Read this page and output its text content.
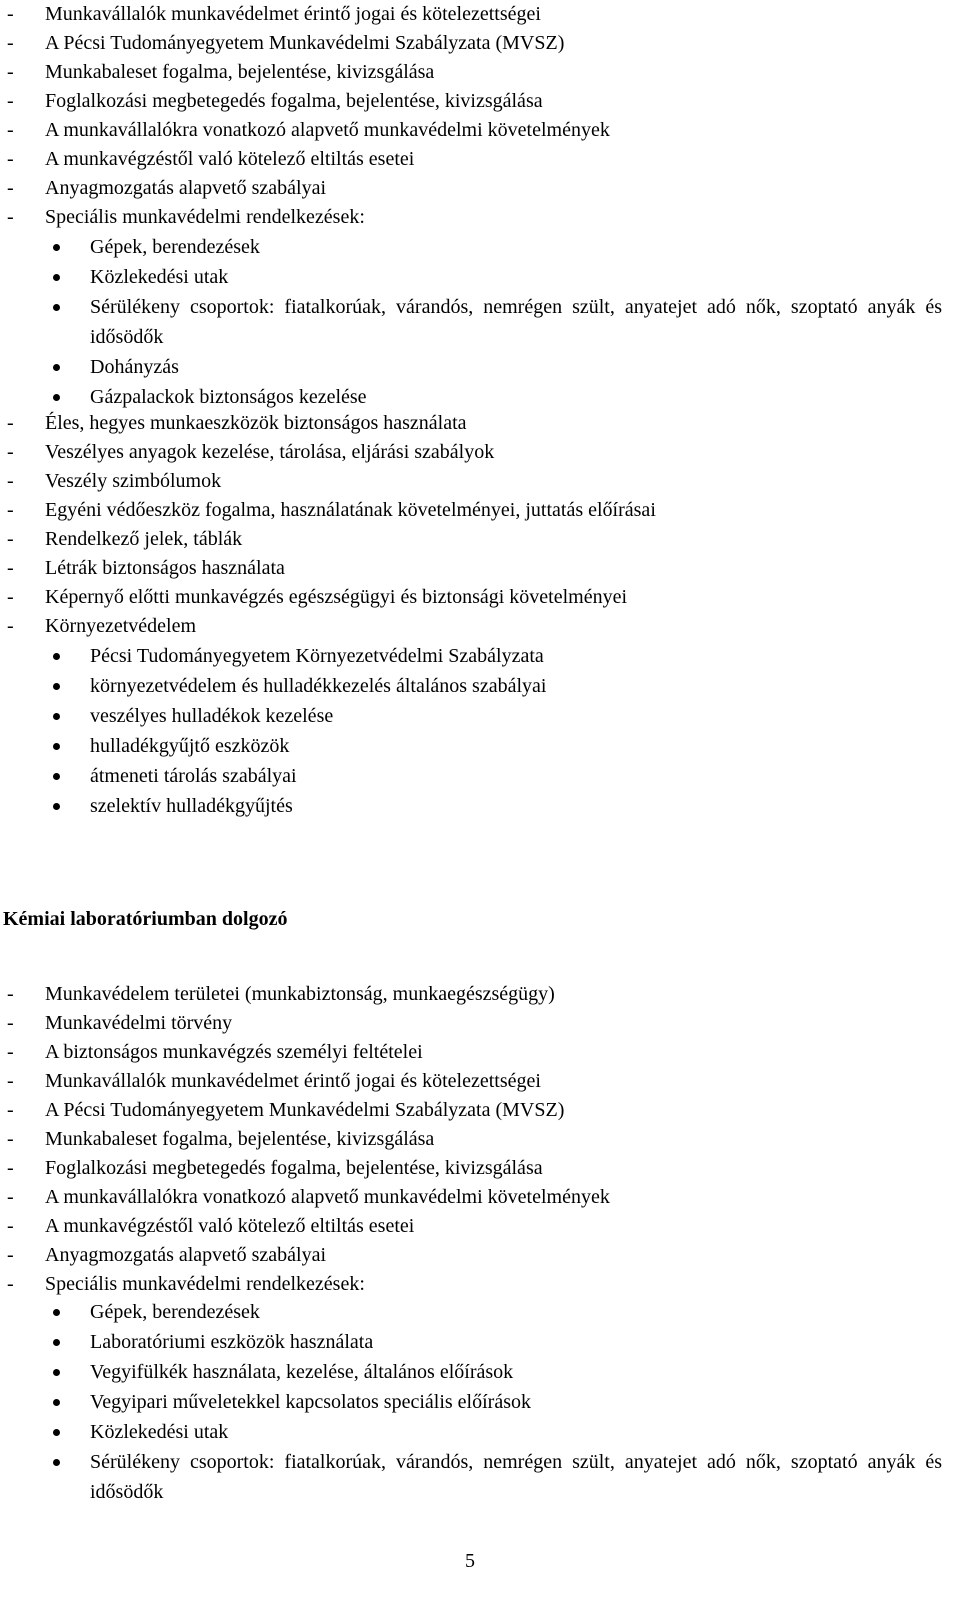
- Munkavállalók munkavédelmet érintő jogai és kötelezettségei
- A Pécsi Tudományegyetem Munkavédelmi Szabályzata (MVSZ)
- Munkabaleset fogalma, bejelentése, kivizsgálása
- Foglalkozási megbetegedés fogalma, bejelentése, kivizsgálása
- A munkavállalókra vonatkozó alapvető munkavédelmi követelmények
- A munkavégzéstől való kötelező eltiltás esetei
- Anyagmozgatás alapvető szabályai
- Speciális munkavédelmi rendelkezések:
Gépek, berendezések
Közlekedési utak
Sérülékeny csoportok: fiatalkorúak, várandós, nemrégen szült, anyatejet adó nők, szoptató anyák és idősödők
Dohányzás
Gázpalackok biztonságos kezelése
- Éles, hegyes munkaeszközök biztonságos használata
- Veszélyes anyagok kezelése, tárolása, eljárási szabályok
- Veszély szimbólumok
- Egyéni védőeszköz fogalma, használatának követelményei, juttatás előírásai
- Rendelkező jelek, táblák
- Létrák biztonságos használata
- Képernyő előtti munkavégzés egészségügyi és biztonsági követelményei
- Környezetvédelem
Pécsi Tudományegyetem Környezetvédelmi Szabályzata
környezetvédelem és hulladékkezelés általános szabályai
veszélyes hulladékok kezelése
hulladékgyűjtő eszközök
átmeneti tárolás szabályai
szelektív hulladékgyűjtés
Kémiai laboratóriumban dolgozó
- Munkavédelem területei (munkabiztonság, munkaegészségügy)
- Munkavédelmi törvény
- A biztonságos munkavégzés személyi feltételei
- Munkavállalók munkavédelmet érintő jogai és kötelezettségei
- A Pécsi Tudományegyetem Munkavédelmi Szabályzata (MVSZ)
- Munkabaleset fogalma, bejelentése, kivizsgálása
- Foglalkozási megbetegedés fogalma, bejelentése, kivizsgálása
- A munkavállalókra vonatkozó alapvető munkavédelmi követelmények
- A munkavégzéstől való kötelező eltiltás esetei
- Anyagmozgatás alapvető szabályai
- Speciális munkavédelmi rendelkezések:
Gépek, berendezések
Laboratóriumi eszközök használata
Vegyifülkék használata, kezelése, általános előírások
Vegyipari műveletekkel kapcsolatos speciális előírások
Közlekedési utak
Sérülékeny csoportok: fiatalkorúak, várandós, nemrégen szült, anyatejet adó nők, szoptató anyák és idősödők
5
